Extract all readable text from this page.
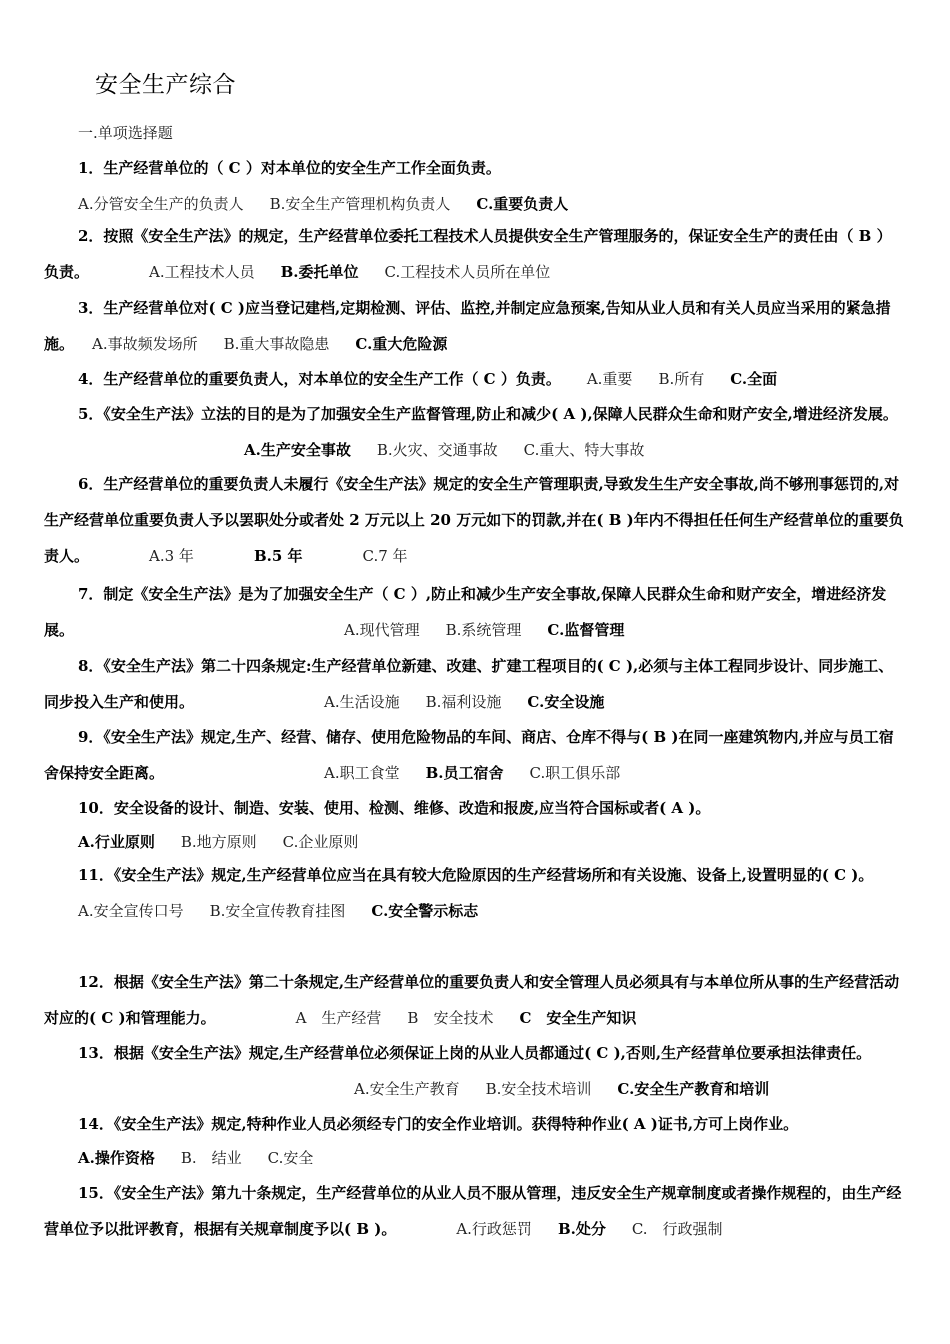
安全生产综合
一.单项选择题
1．生产经营单位的（ C ）对本单位的安全生产工作全面负责。
A.分管安全生产的负责人 B.安全生产管理机构负责人 C.重要负责人
2．按照《安全生产法》的规定，生产经营单位委托工程技术人员提供安全生产管理服务的，保证安全生产的责任由（ B ）负责。	A.工程技术人员 B.委托单位 C.工程技术人员所在单位
3．生产经营单位对( C )应当登记建档,定期检测、评估、监控,并制定应急预案,告知从业人员和有关人员应当采用的紧急措施。 A.事故频发场所 B.重大事故隐患 C.重大危险源
4．生产经营单位的重要负责人，对本单位的安全生产工作（ C ）负责。 A.重要 B.所有 C.全面
5．《安全生产法》立法的目的是为了加强安全生产监督管理,防止和减少( A ),保障人民群众生命和财产安全,增进经济发展。A.生产安全事故 B.火灾、交通事故 C.重大、特大事故
6．生产经营单位的重要负责人未履行《安全生产法》规定的安全生产管理职责,导致发生生产安全事故,尚不够刑事惩罚的,对生产经营单位重要负责人予以罢职处分或者处 2 万元以上 20 万元如下的罚款,并在( B )年内不得担任任何生产经营单位的重要负责人。	A.3 年	B.5 年	C.7 年
7．制定《安全生产法》是为了加强安全生产（ C ）,防止和减少生产安全事故,保障人民群众生命和财产安全，增进经济发展。	A.现代管理 B.系统管理 C.监督管理
8．《安全生产法》第二十四条规定:生产经营单位新建、改建、扩建工程项目的( C ),必须与主体工程同步设计、同步施工、同步投入生产和使用。	A.生活设施 B.福利设施 C.安全设施
9．《安全生产法》规定,生产、经营、储存、使用危险物品的车间、商店、仓库不得与( B )在同一座建筑物内,并应与员工宿舍保持安全距离。	A.职工食堂 B.员工宿舍 C.职工俱乐部
10．安全设备的设计、制造、安装、使用、检测、维修、改造和报废,应当符合国标或者( A )。
A.行业原则 B.地方原则 C.企业原则
11．《安全生产法》规定,生产经营单位应当在具有较大危险原因的生产经营场所和有关设施、设备上,设置明显的( C )。
A.安全宣传口号 B.安全宣传教育挂图 C.安全警示标志
12．根据《安全生产法》第二十条规定,生产经营单位的重要负责人和安全管理人员必须具有与本单位所从事的生产经营活动对应的( C )和管理能力。	A　生产经营 B　安全技术 C　安全生产知识
13．根据《安全生产法》规定,生产经营单位必须保证上岗的从业人员都通过( C ),否则,生产经营单位要承担法律责任。A.安全生产教育 B.安全技术培训 C.安全生产教育和培训
14．《安全生产法》规定,特种作业人员必须经专门的安全作业培训。获得特种作业( A )证书,方可上岗作业。
A.操作资格 B.　结业 C.安全
15．《安全生产法》第九十条规定，生产经营单位的从业人员不服从管理，违反安全生产规章制度或者操作规程的，由生产经营单位予以批评教育，根据有关规章制度予以( B )。	A.行政惩罚 B.处分 C.　行政强制
